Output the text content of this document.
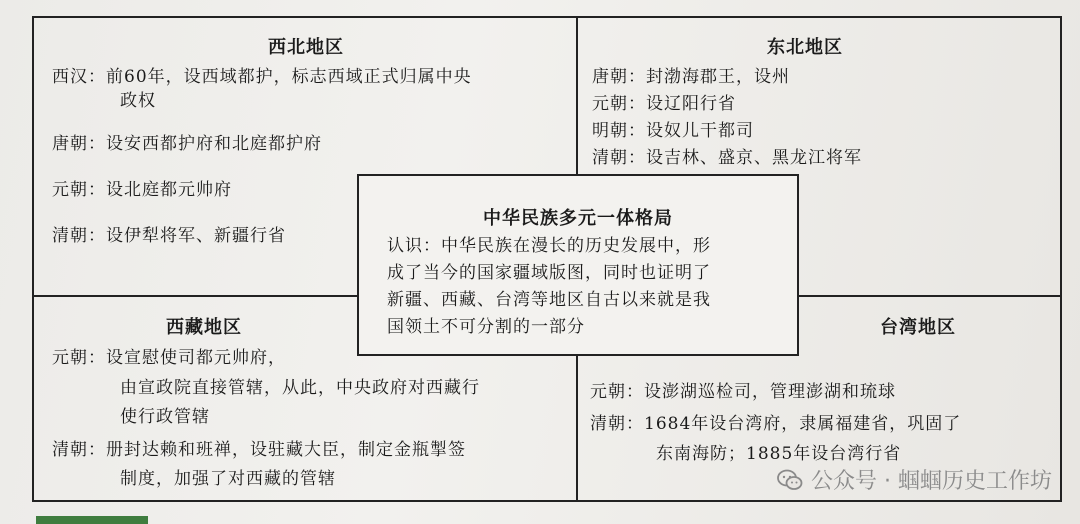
西北地区
西汉：前60年，设西域都护，标志西域正式归属中央
政权
唐朝：设安西都护府和北庭都护府
元朝：设北庭都元帅府
清朝：设伊犁将军、新疆行省
东北地区
唐朝：封渤海郡王，设州
元朝：设辽阳行省
明朝：设奴儿干都司
清朝：设吉林、盛京、黑龙江将军
西藏地区
元朝：设宣慰使司都元帅府，
由宣政院直接管辖，从此，中央政府对西藏行
使行政管辖
清朝：册封达赖和班禅，设驻藏大臣，制定金瓶掣签
制度，加强了对西藏的管辖
台湾地区
元朝：设澎湖巡检司，管理澎湖和琉球
清朝：1684年设台湾府，隶属福建省，巩固了
东南海防；1885年设台湾行省
中华民族多元一体格局
认识：中华民族在漫长的历史发展中，形
成了当今的国家疆域版图，同时也证明了
新疆、西藏、台湾等地区自古以来就是我
国领土不可分割的一部分
公众号 · 蝈蝈历史工作坊
